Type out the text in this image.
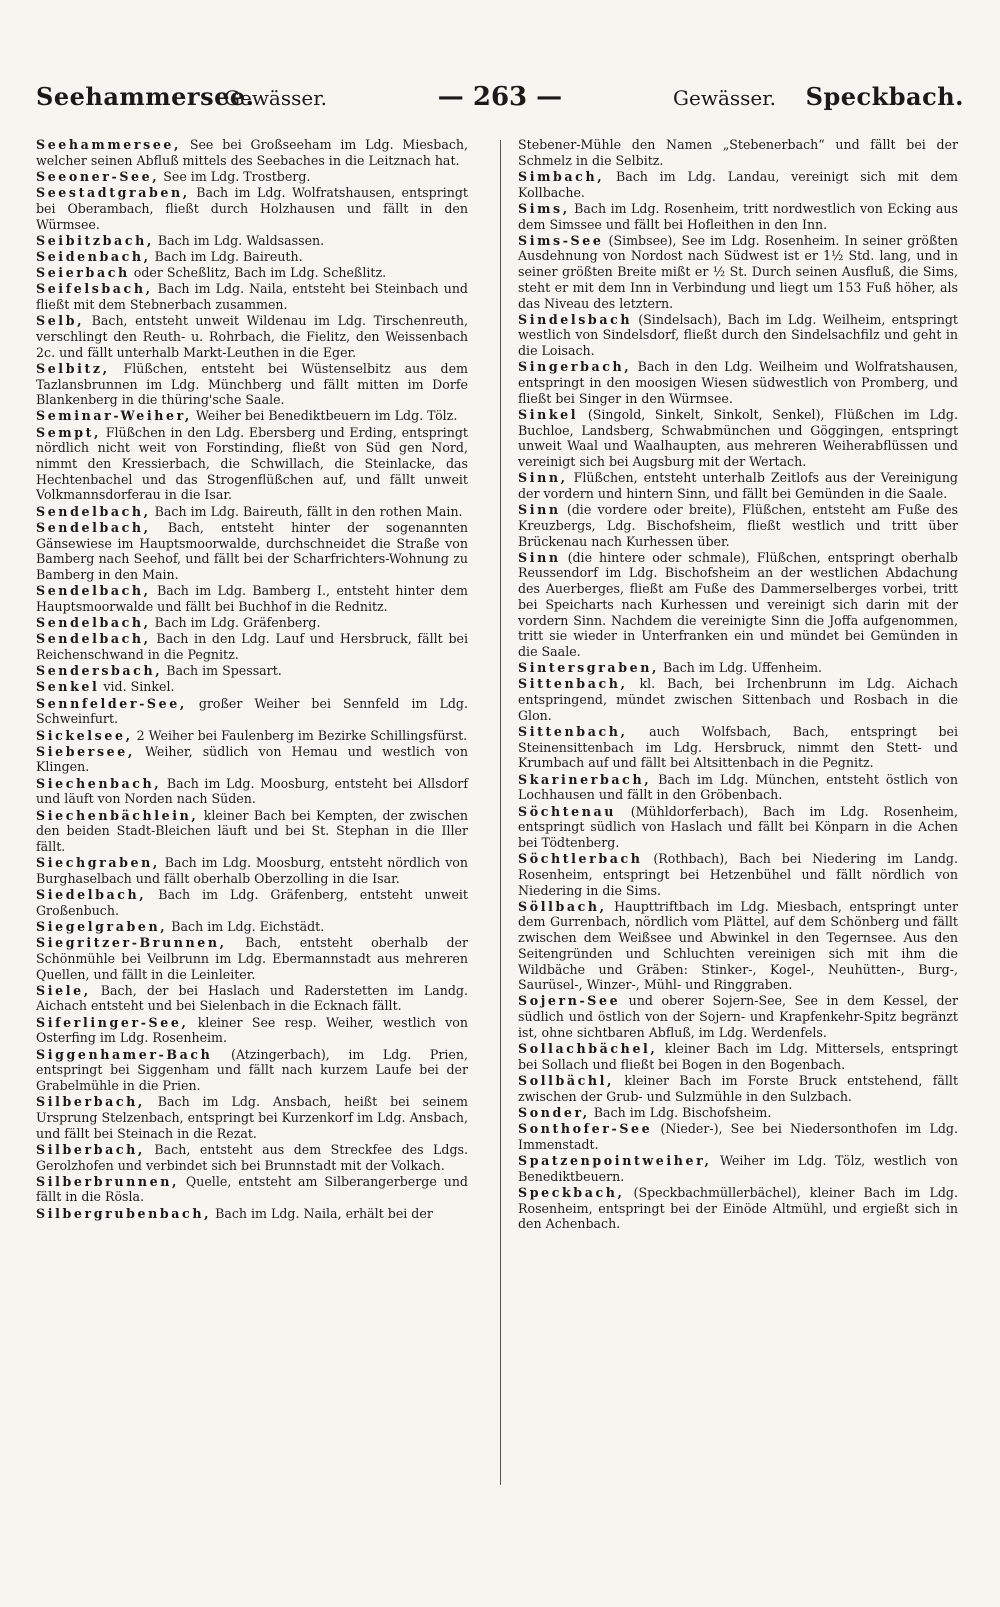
Seehammersee.
Gewässer.	— 263 —	Gewässer. Speckbach.

Seehammersee, See bei Großseeham im Ldg. Miesbach, welcher seinen Abfluß mittels des Seebaches in die Leitznach hat.

Seeoner-See, See im Ldg. Trostberg.

Seestadtgraben, Bach im Ldg. Wolfratshausen, entspringt bei Oberambach, fließt durch Holzhausen und fällt in den Würmsee.

Seibitzbach, Bach im Ldg. Waldsassen.

Seidenbach, Bach im Ldg. Baireuth.

Seierbach oder Scheßlitz, Bach im Ldg. Scheßlitz.

Seifelsbach, Bach im Ldg. Naila, entsteht bei Steinbach und fließt mit dem Stebnerbach zusammen.

Selb, Bach, entsteht unweit Wildenau im Ldg. Tirschenreuth, verschlingt den Reuth- u. Rohrbach, die Fielitz, den Weissenbach 2c. und fällt unterhalb Markt-Leuthen in die Eger.

Selbitz, Flüßchen, entsteht bei Wüstenselbitz aus dem Tazlansbrunnen im Ldg. Münchberg und fällt mitten im Dorfe Blankenberg in die thüring'sche Saale.

Seminar-Weiher, Weiher bei Benediktbeuern im Ldg. Tölz.

Sempt, Flüßchen in den Ldg. Ebersberg und Erding, entspringt nördlich nicht weit von Forstinding, fließt von Süd gen Nord, nimmt den Kressierbach, die Schwillach, die Steinlacke, das Hechtenbachel und das Strogenflüßchen auf, und fällt unweit Volkmannsdorferau in die Isar.

Sendelbach, Bach im Ldg. Baireuth, fällt in den rothen Main.

Sendelbach, Bach, entsteht hinter der sogenannten Gänsewiese im Hauptsmoorwalde, durchschneidet die Straße von Bamberg nach Seehof, und fällt bei der Scharfrichters-Wohnung zu Bamberg in den Main.

Sendelbach, Bach im Ldg. Bamberg I., entsteht hinter dem Hauptsmoorwalde und fällt bei Buchhof in die Rednitz.

Sendelbach, Bach im Ldg. Gräfenberg.

Sendelbach, Bach in den Ldg. Lauf und Hersbruck, fällt bei Reichenschwand in die Pegnitz.

Sendersbach, Bach im Spessart.

Senkel vid. Sinkel.

Sennfelder-See, großer Weiher bei Sennfeld im Ldg. Schweinfurt.

Sickelsee, 2 Weiher bei Faulenberg im Bezirke Schillingsfürst.

Siebersee, Weiher, südlich von Hemau und westlich von Klingen.

Siechenbach, Bach im Ldg. Moosburg, entsteht bei Allsdorf und läuft von Norden nach Süden.

Siechenbächlein, kleiner Bach bei Kempten, der zwischen den beiden Stadt-Bleichen läuft und bei St. Stephan in die Iller fällt.

Siechgraben, Bach im Ldg. Moosburg, entsteht nördlich von Burghaselbach und fällt oberhalb Oberzolling in die Isar.

Siedelbach, Bach im Ldg. Gräfenberg, entsteht unweit Großenbuch.

Siegelgraben, Bach im Ldg. Eichstädt.

Siegritzer-Brunnen, Bach, entsteht oberhalb der Schönmühle bei Veilbrunn im Ldg. Ebermannstadt aus mehreren Quellen, und fällt in die Leinleiter.

Siele, Bach, der bei Haslach und Raderstetten im Landg. Aichach entsteht und bei Sielenbach in die Ecknach fällt.

Siferlinger-See, kleiner See resp. Weiher, westlich von Osterfing im Ldg. Rosenheim.

Siggenhamer-Bach (Atzingerbach), im Ldg. Prien, entspringt bei Siggenham und fällt nach kurzem Laufe bei der Grabelmühle in die Prien.

Silberbach, Bach im Ldg. Ansbach, heißt bei seinem Ursprung Stelzenbach, entspringt bei Kurzenkorf im Ldg. Ansbach, und fällt bei Steinach in die Rezat.

Silberbach, Bach, entsteht aus dem Streckfee des Ldgs. Gerolzhofen und verbindet sich bei Brunnstadt mit der Volkach.

Silberbrunnen, Quelle, entsteht am Silberangerberge und fällt in die Rösla.

Silbergrubenbach, Bach im Ldg. Naila, erhält bei der

Stebener-Mühle den Namen „Stebenerbach“ und fällt bei der Schmelz in die Selbitz.

Simbach, Bach im Ldg. Landau, vereinigt sich mit dem Kollbache.

Sims, Bach im Ldg. Rosenheim, tritt nordwestlich von Ecking aus dem Simssee und fällt bei Hofleithen in den Inn.

Sims-See (Simbsee), See im Ldg. Rosenheim. In seiner größten Ausdehnung von Nordost nach Südwest ist er 1½ Std. lang, und in seiner größten Breite mißt er ½ St. Durch seinen Ausfluß, die Sims, steht er mit dem Inn in Verbindung und liegt um 153 Fuß höher, als das Niveau des letztern.

Sindelsbach (Sindelsach), Bach im Ldg. Weilheim, entspringt westlich von Sindelsdorf, fließt durch den Sindelsachfilz und geht in die Loisach.

Singerbach, Bach in den Ldg. Weilheim und Wolfratshausen, entspringt in den moosigen Wiesen südwestlich von Promberg, und fließt bei Singer in den Würmsee.

Sinkel (Singold, Sinkelt, Sinkolt, Senkel), Flüßchen im Ldg. Buchloe, Landsberg, Schwabmünchen und Göggingen, entspringt unweit Waal und Waalhaupten, aus mehreren Weiherabflüssen und vereinigt sich bei Augsburg mit der Wertach.

Sinn, Flüßchen, entsteht unterhalb Zeitlofs aus der Vereinigung der vordern und hintern Sinn, und fällt bei Gemünden in die Saale.

Sinn (die vordere oder breite), Flüßchen, entsteht am Fuße des Kreuzbergs, Ldg. Bischofsheim, fließt westlich und tritt über Brückenau nach Kurhessen über.

Sinn (die hintere oder schmale), Flüßchen, entspringt oberhalb Reussendorf im Ldg. Bischofsheim an der westlichen Abdachung des Auerberges, fließt am Fuße des Dammerselberges vorbei, tritt bei Speicharts nach Kurhessen und vereinigt sich darin mit der vordern Sinn. Nachdem die vereinigte Sinn die Joffa aufgenommen, tritt sie wieder in Unterfranken ein und mündet bei Gemünden in die Saale.

Sintersgraben, Bach im Ldg. Uffenheim.

Sittenbach, kl. Bach, bei Irchenbrunn im Ldg. Aichach entspringend, mündet zwischen Sittenbach und Rosbach in die Glon.

Sittenbach, auch Wolfsbach, Bach, entspringt bei Steinensittenbach im Ldg. Hersbruck, nimmt den Stett- und Krumbach auf und fällt bei Altsittenbach in die Pegnitz.

Skarinerbach, Bach im Ldg. München, entsteht östlich von Lochhausen und fällt in den Gröbenbach.

Söchtenau (Mühldorferbach), Bach im Ldg. Rosenheim, entspringt südlich von Haslach und fällt bei Könparn in die Achen bei Tödtenberg.

Söchtlerbach (Rothbach), Bach bei Niedering im Landg. Rosenheim, entspringt bei Hetzenbühel und fällt nördlich von Niedering in die Sims.

Söllbach, Haupttriftbach im Ldg. Miesbach, entspringt unter dem Gurrenbach, nördlich vom Plättel, auf dem Schönberg und fällt zwischen dem Weißsee und Abwinkel in den Tegernsee. Aus den Seitengründen und Schluchten vereinigen sich mit ihm die Wildbäche und Gräben: Stinker-, Kogel-, Neuhütten-, Burg-, Saurüsel-, Winzer-, Mühl- und Ringgraben.

Sojern-See und oberer Sojern-See, See in dem Kessel, der südlich und östlich von der Sojern- und Krapfenkehr-Spitz begränzt ist, ohne sichtbaren Abfluß, im Ldg. Werdenfels.

Sollachbächel, kleiner Bach im Ldg. Mittersels, entspringt bei Sollach und fließt bei Bogen in den Bogenbach.

Sollbächl, kleiner Bach im Forste Bruck entstehend, fällt zwischen der Grub- und Sulzmühle in den Sulzbach.

Sonder, Bach im Ldg. Bischofsheim.

Sonthofer-See (Nieder-), See bei Niedersonthofen im Ldg. Immenstadt.

Spatzenpointweiher, Weiher im Ldg. Tölz, westlich von Benediktbeuern.

Speckbach, (Speckbachmüllerbächel), kleiner Bach im Ldg. Rosenheim, entspringt bei der Einöde Altmühl, und ergießt sich in den Achenbach.
